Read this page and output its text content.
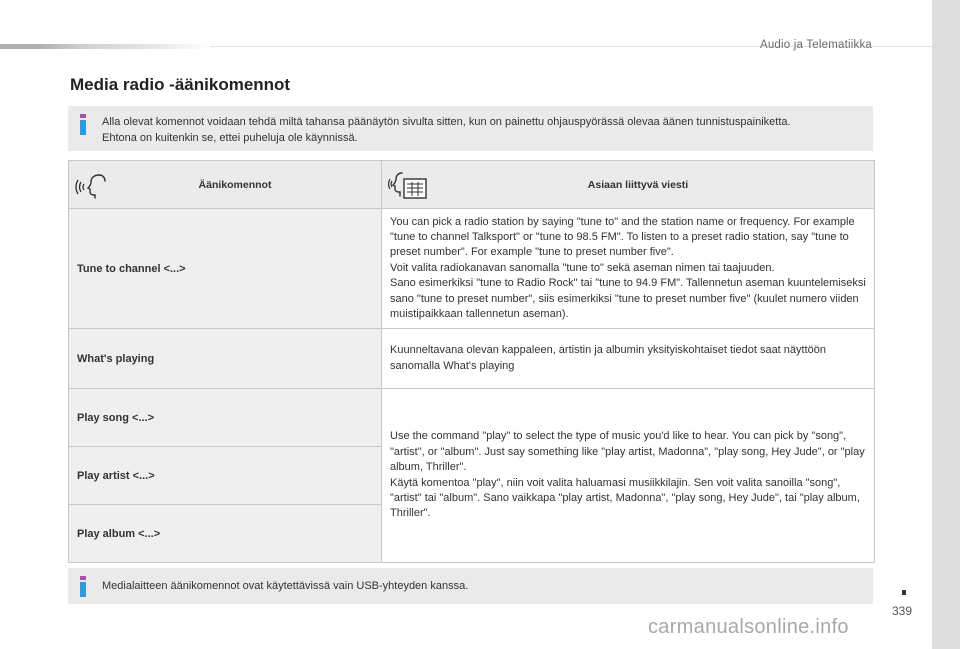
Audio ja Telematiikka
Media radio -äänikomennot
Alla olevat komennot voidaan tehdä miltä tahansa päänäytön sivulta sitten, kun on painettu ohjauspyörässä olevaa äänen tunnistuspainiketta.
Ehtona on kuitenkin se, ettei puheluja ole käynnissä.
Äänikomennot	Asiaan liittyvä viesti

Tune to channel <...>	You can pick a radio station by saying "tune to" and the station name or frequency. For example "tune to channel Talksport" or "tune to 98.5 FM". To listen to a preset radio station, say "tune to preset number". For example "tune to preset number five".

Voit valita radiokanavan sanomalla "tune to" sekä aseman nimen tai taajuuden.

Sano esimerkiksi "tune to Radio Rock" tai "tune to 94.9 FM". Tallennetun aseman kuuntelemiseksi sano "tune to preset number", siis esimerkiksi "tune to preset number five" (kuulet numero viiden muistipaikkaan tallennetun aseman).

What's playing	Kuunneltavana olevan kappaleen, artistin ja albumin yksityiskohtaiset tiedot saat näyttöön sanomalla What's playing
Play song <...>	Use the command "play" to select the type of music you'd like to hear. You can pick by "song", "artist", or "album". Just say something like "play artist, Madonna", "play song, Hey Jude", or "play album, Thriller".

Käytä komentoa "play", niin voit valita haluamasi musiikkilajin. Sen voit valita sanoilla "song", "artist" tai "album". Sano vaikkapa "play artist, Madonna", "play song, Hey Jude", tai "play album, Thriller".

Play artist <...>	
Play album <...>	
Medialaitteen äänikomennot ovat käytettävissä vain USB-yhteyden kanssa.
339
carmanualsonline.info
